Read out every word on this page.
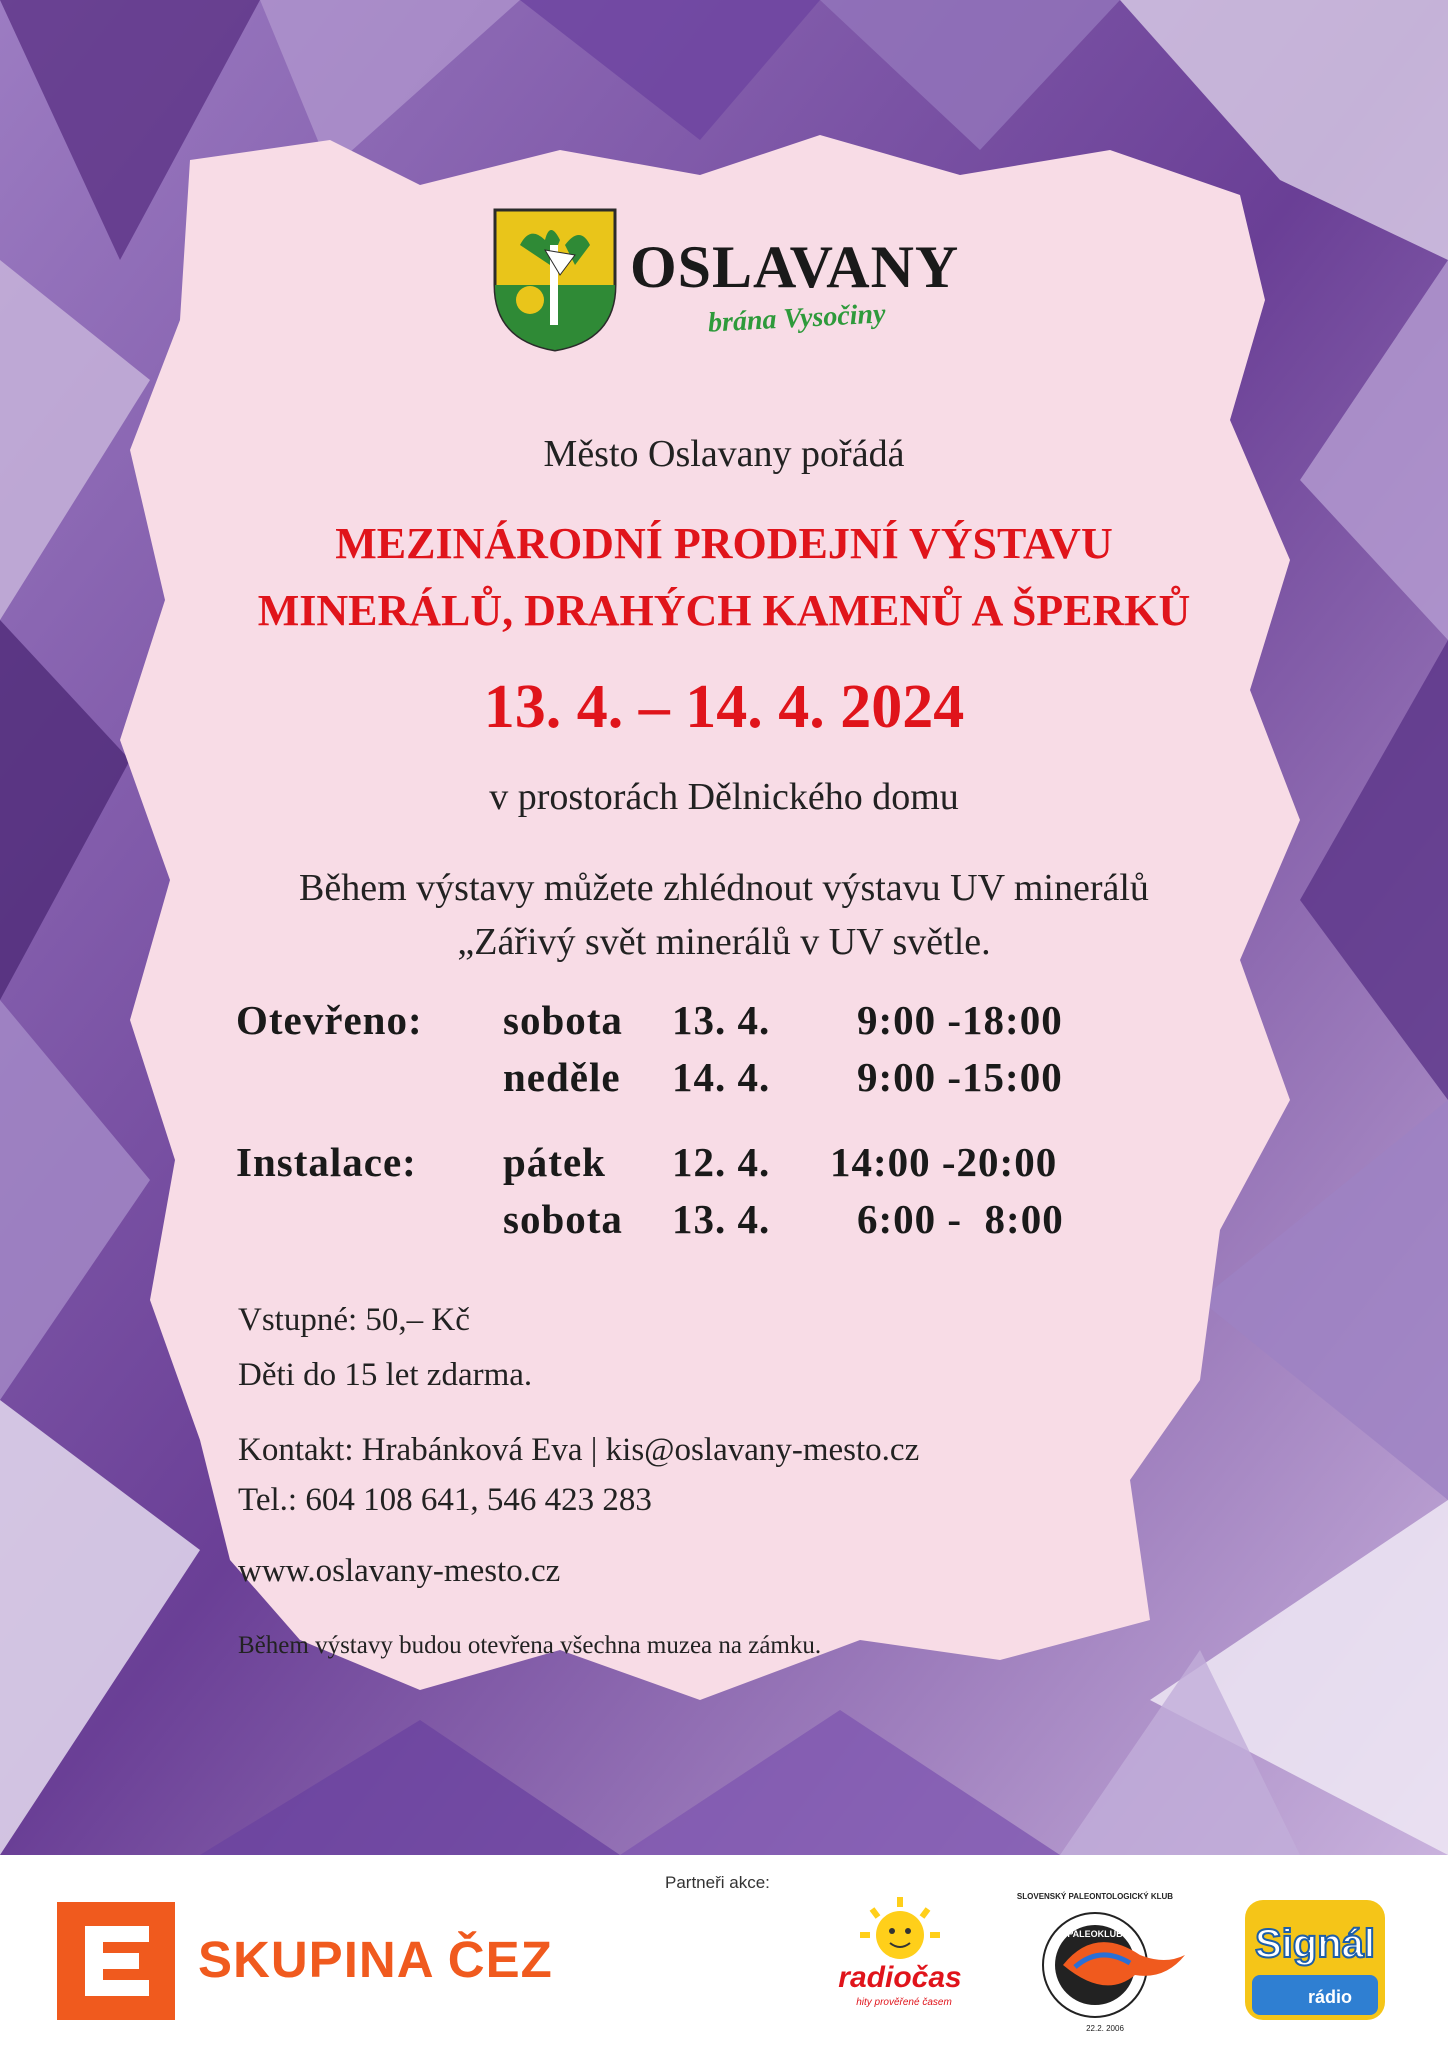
OSLAVANY
brána Vysočiny
Město Oslavany pořádá
MEZINÁRODNÍ PRODEJNÍ VÝSTAVU
MINERÁLŮ, DRAHÝCH KAMENŮ A ŠPERKŮ
13. 4. – 14. 4. 2024
v prostorách Dělnického domu
Během výstavy můžete zhlédnout výstavu UV minerálů
„Zářivý svět minerálů v UV světle.
Otevřeno: sobota 13. 4. 9:00 -18:00
neděle 14. 4. 9:00 -15:00
Instalace: pátek 12. 4. 14:00 -20:00
sobota 13. 4. 6:00 -  8:00
Vstupné: 50,– Kč
Děti do 15 let zdarma.
Kontakt: Hrabánková Eva | kis@oslavany-mesto.cz
Tel.: 604 108 641, 546 423 283
www.oslavany-mesto.cz
Během výstavy budou otevřena všechna muzea na zámku.
Partneři akce:
SKUPINA ČEZ	radiočas
hity prověřené časem
PALEOKLUB
SLOVENSKÝ PALEONTOLOGICKÝ KLUB
22.2. 2006
Signál
rádio
